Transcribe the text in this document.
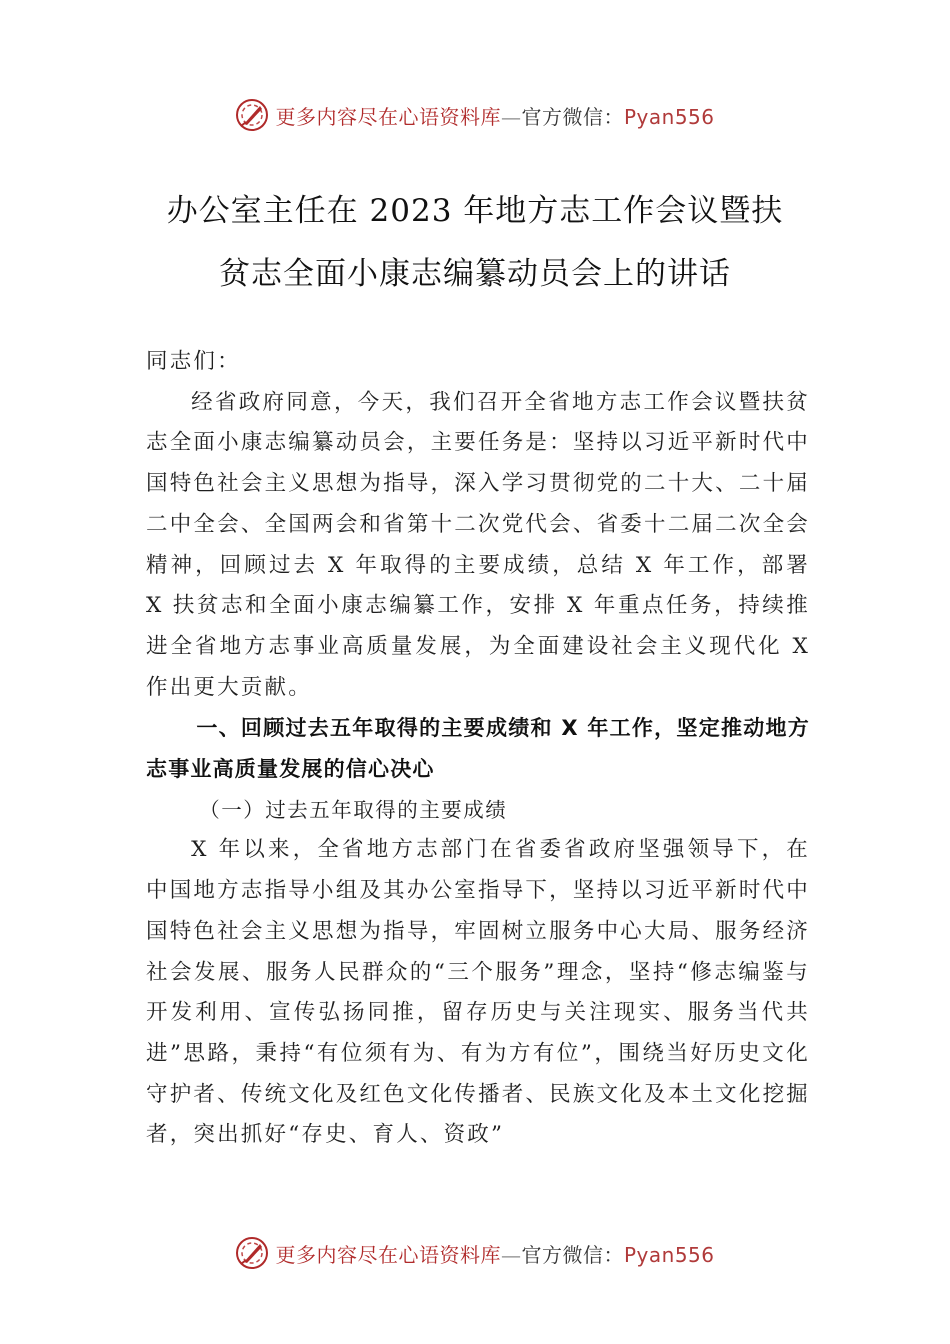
更多内容尽在心语资料库—官方微信：Pyan556
办公室主任在 2023 年地方志工作会议暨扶
贫志全面小康志编纂动员会上的讲话

同志们：

经省政府同意，今天，我们召开全省地方志工作会议暨扶贫志全面小康志编纂动员会，主要任务是：坚持以习近平新时代中国特色社会主义思想为指导，深入学习贯彻党的二十大、二十届二中全会、全国两会和省第十二次党代会、省委十二届二次全会精神，回顾过去 X 年取得的主要成绩，总结 X 年工作，部署 X 扶贫志和全面小康志编纂工作，安排 X 年重点任务，持续推进全省地方志事业高质量发展，为全面建设社会主义现代化 X 作出更大贡献。

一、回顾过去五年取得的主要成绩和 X 年工作，坚定推动地方志事业高质量发展的信心决心

（一）过去五年取得的主要成绩

X 年以来，全省地方志部门在省委省政府坚强领导下，在中国地方志指导小组及其办公室指导下，坚持以习近平新时代中国特色社会主义思想为指导，牢固树立服务中心大局、服务经济社会发展、服务人民群众的“三个服务”理念，坚持“修志编鉴与开发利用、宣传弘扬同推，留存历史与关注现实、服务当代共进”思路，秉持“有位须有为、有为方有位”，围绕当好历史文化守护者、传统文化及红色文化传播者、民族文化及本土文化挖掘者，突出抓好“存史、育人、资政”

更多内容尽在心语资料库—官方微信：Pyan556
